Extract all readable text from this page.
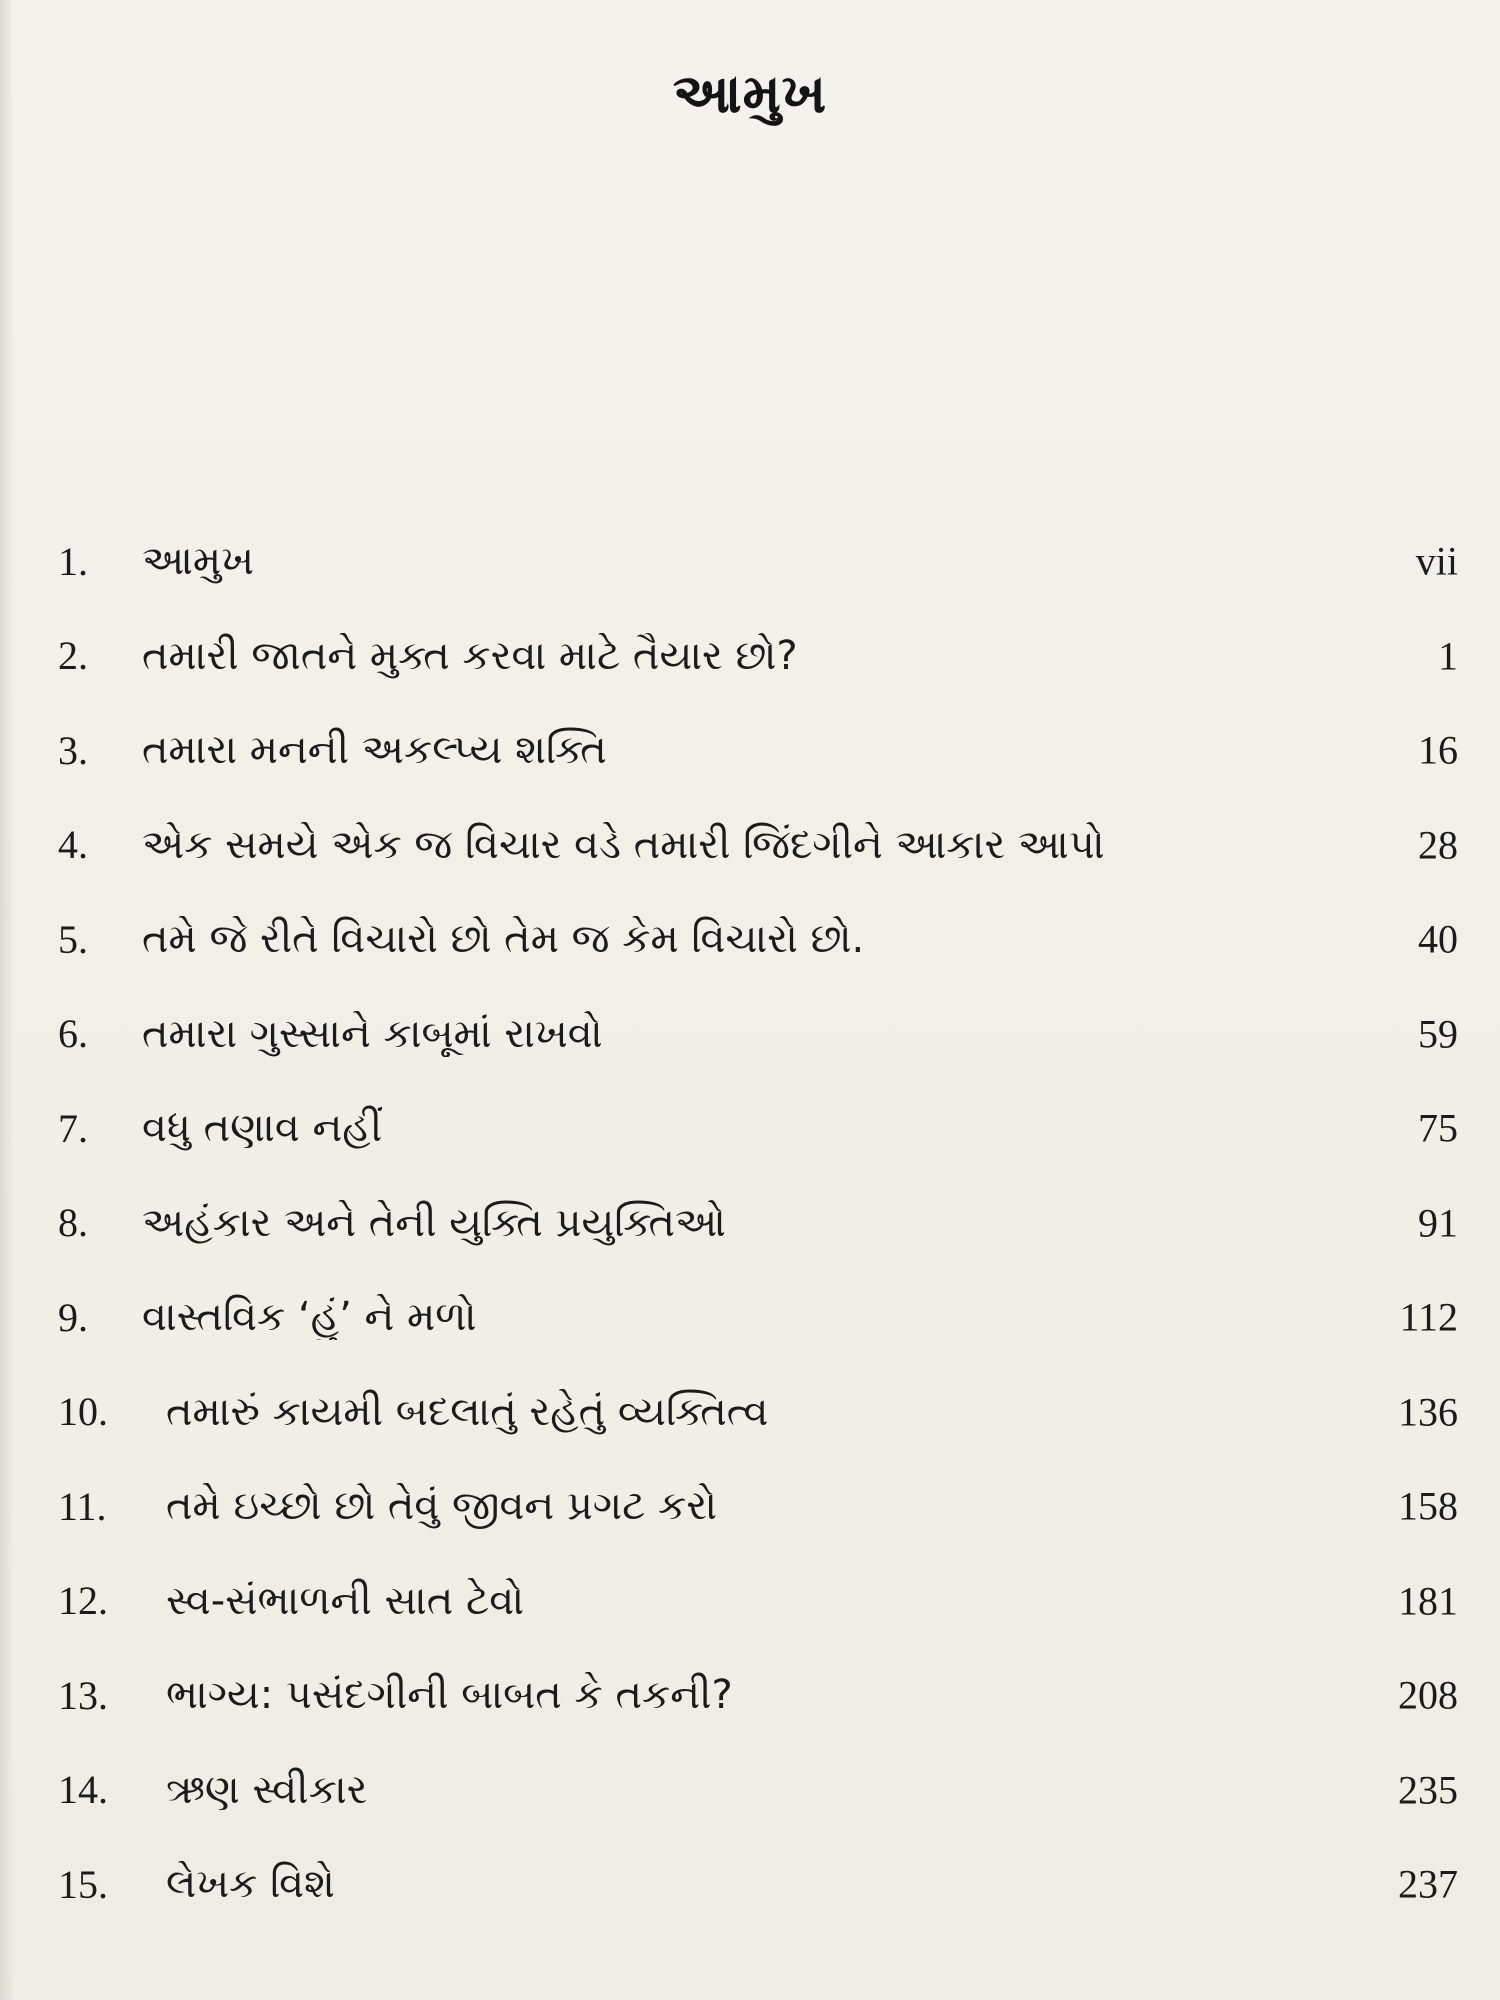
આમુખ
1.	આમુખ	vii
2.	તમારી જાતને મુક્ત કરવા માટે તૈયાર છો?	1
3.	તમારા મનની અકલ્પ્ય શક્તિ	16
4.	એક સમયે એક જ વિચાર વડે તમારી જિંદગીને આકાર આપો	28
5.	તમે જે રીતે વિચારો છો તેમ જ કેમ વિચારો છો.	40
6.	તમારા ગુસ્સાને કાબૂમાં રાખવો	59
7.	વધુ તણાવ નહીં	75
8.	અહંકાર અને તેની યુક્તિ પ્રયુક્તિઓ	91
9.	વાસ્તવિક ‘હું’ ને મળો	112
10.	તમારું કાયમી બદલાતું રહેતું વ્યક્તિત્વ	136
11.	તમે ઇચ્છો છો તેવું જીવન પ્રગટ કરો	158
12.	સ્વ-સંભાળની સાત ટેવો	181
13.	ભાગ્ય: પસંદગીની બાબત કે તકની?	208
14.	ઋણ સ્વીકાર	235
15.	લેખક વિશે	237
